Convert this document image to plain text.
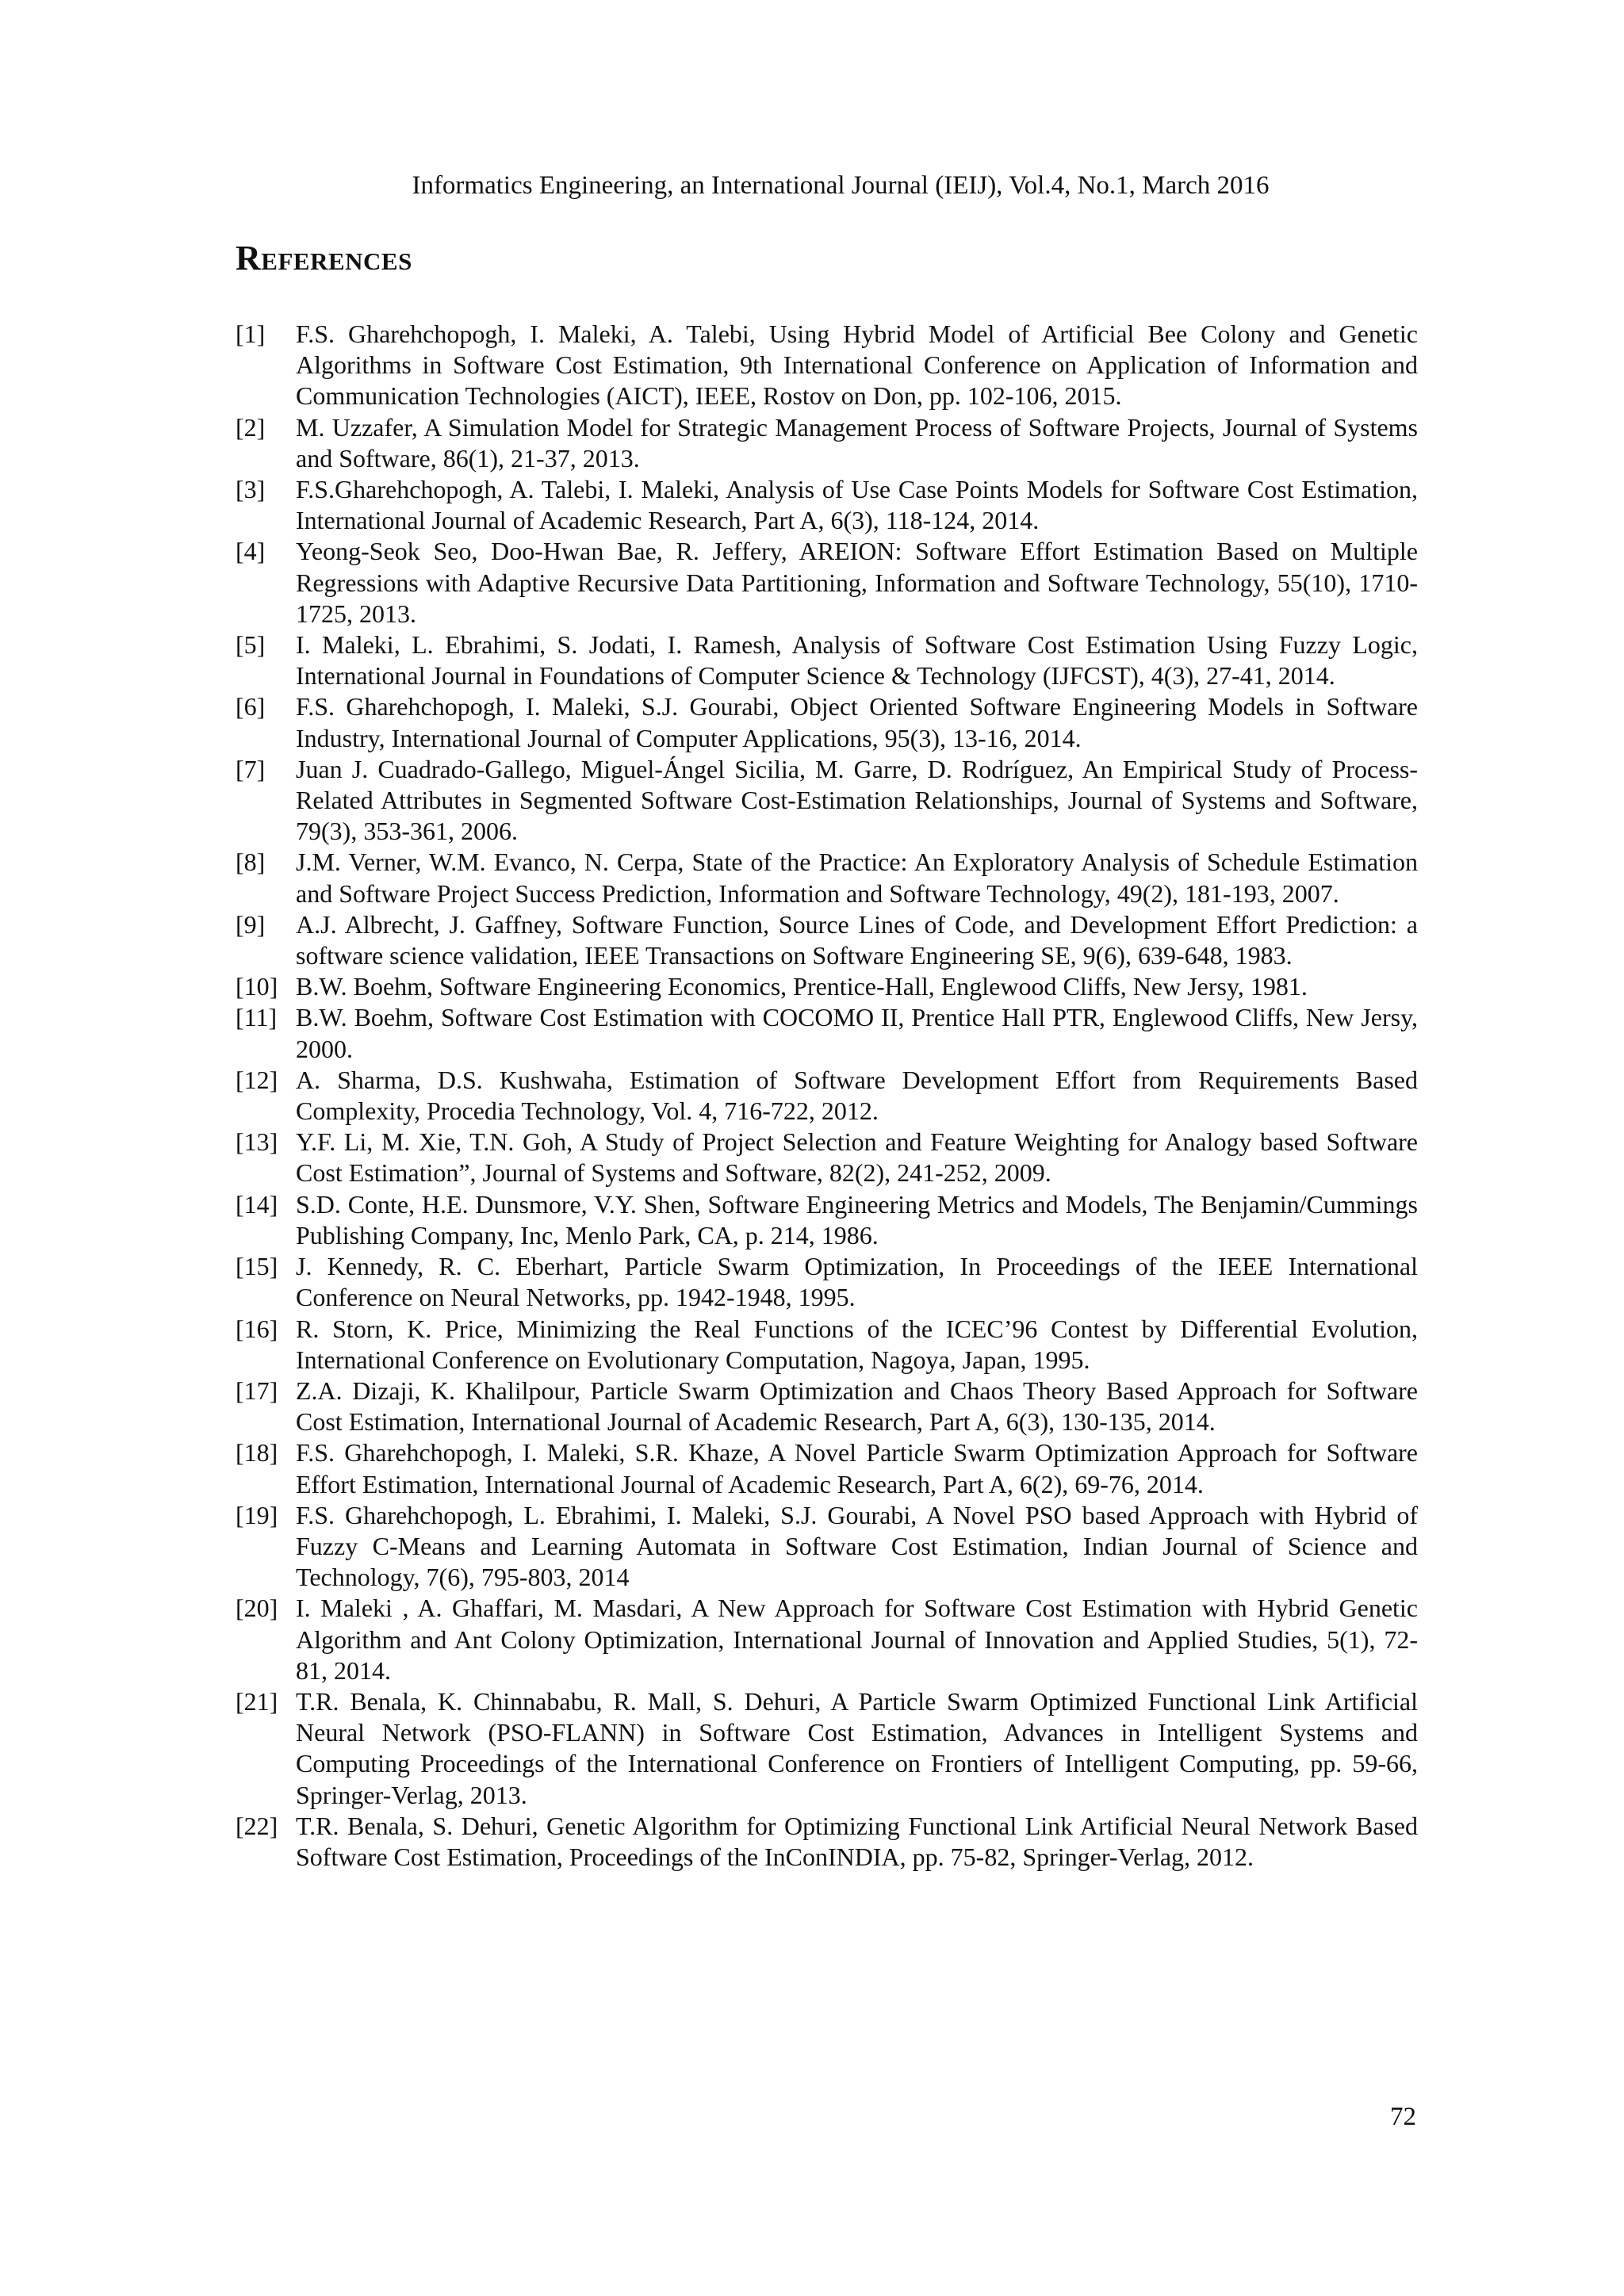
Informatics Engineering, an International Journal (IEIJ), Vol.4, No.1, March 2016
References
[1]	F.S. Gharehchopogh, I. Maleki, A. Talebi, Using Hybrid Model of Artificial Bee Colony and Genetic Algorithms in Software Cost Estimation, 9th International Conference on Application of Information and Communication Technologies (AICT), IEEE, Rostov on Don, pp. 102-106, 2015.
[2]	M. Uzzafer, A Simulation Model for Strategic Management Process of Software Projects, Journal of Systems and Software, 86(1), 21-37, 2013.
[3]	F.S.Gharehchopogh, A. Talebi, I. Maleki, Analysis of Use Case Points Models for Software Cost Estimation, International Journal of Academic Research, Part A, 6(3), 118-124, 2014.
[4]	Yeong-Seok Seo, Doo-Hwan Bae, R. Jeffery, AREION: Software Effort Estimation Based on Multiple Regressions with Adaptive Recursive Data Partitioning, Information and Software Technology, 55(10), 1710-1725, 2013.
[5]	I. Maleki, L. Ebrahimi, S. Jodati, I. Ramesh, Analysis of Software Cost Estimation Using Fuzzy Logic, International Journal in Foundations of Computer Science & Technology (IJFCST), 4(3), 27-41, 2014.
[6]	F.S. Gharehchopogh, I. Maleki, S.J. Gourabi, Object Oriented Software Engineering Models in Software Industry, International Journal of Computer Applications, 95(3), 13-16, 2014.
[7]	Juan J. Cuadrado-Gallego, Miguel-Ángel Sicilia, M. Garre, D. Rodríguez, An Empirical Study of Process-Related Attributes in Segmented Software Cost-Estimation Relationships, Journal of Systems and Software, 79(3), 353-361, 2006.
[8]	J.M. Verner, W.M. Evanco, N. Cerpa, State of the Practice: An Exploratory Analysis of Schedule Estimation and Software Project Success Prediction, Information and Software Technology, 49(2), 181-193, 2007.
[9]	A.J. Albrecht, J. Gaffney, Software Function, Source Lines of Code, and Development Effort Prediction: a software science validation, IEEE Transactions on Software Engineering SE, 9(6), 639-648, 1983.
[10] B.W. Boehm, Software Engineering Economics, Prentice-Hall, Englewood Cliffs, New Jersy, 1981.
[11] B.W. Boehm, Software Cost Estimation with COCOMO II, Prentice Hall PTR, Englewood Cliffs, New Jersy, 2000.
[12] A. Sharma, D.S. Kushwaha, Estimation of Software Development Effort from Requirements Based Complexity, Procedia Technology, Vol. 4, 716-722, 2012.
[13] Y.F. Li, M. Xie, T.N. Goh, A Study of Project Selection and Feature Weighting for Analogy based Software Cost Estimation”, Journal of Systems and Software, 82(2), 241-252, 2009.
[14] S.D. Conte, H.E. Dunsmore, V.Y. Shen, Software Engineering Metrics and Models, The Benjamin/Cummings Publishing Company, Inc, Menlo Park, CA, p. 214, 1986.
[15] J. Kennedy, R. C. Eberhart, Particle Swarm Optimization, In Proceedings of the IEEE International Conference on Neural Networks, pp. 1942-1948, 1995.
[16] R. Storn, K. Price, Minimizing the Real Functions of the ICEC’96 Contest by Differential Evolution, International Conference on Evolutionary Computation, Nagoya, Japan, 1995.
[17] Z.A. Dizaji, K. Khalilpour, Particle Swarm Optimization and Chaos Theory Based Approach for Software Cost Estimation, International Journal of Academic Research, Part A, 6(3), 130-135, 2014.
[18] F.S. Gharehchopogh, I. Maleki, S.R. Khaze, A Novel Particle Swarm Optimization Approach for Software Effort Estimation, International Journal of Academic Research, Part A, 6(2), 69-76, 2014.
[19] F.S. Gharehchopogh, L. Ebrahimi, I. Maleki, S.J. Gourabi, A Novel PSO based Approach with Hybrid of Fuzzy C-Means and Learning Automata in Software Cost Estimation, Indian Journal of Science and Technology, 7(6), 795-803, 2014
[20] I. Maleki , A. Ghaffari, M. Masdari, A New Approach for Software Cost Estimation with Hybrid Genetic Algorithm and Ant Colony Optimization, International Journal of Innovation and Applied Studies, 5(1), 72-81, 2014.
[21] T.R. Benala, K. Chinnababu, R. Mall, S. Dehuri, A Particle Swarm Optimized Functional Link Artificial Neural Network (PSO-FLANN) in Software Cost Estimation, Advances in Intelligent Systems and Computing Proceedings of the International Conference on Frontiers of Intelligent Computing, pp. 59-66, Springer-Verlag, 2013.
[22] T.R. Benala, S. Dehuri, Genetic Algorithm for Optimizing Functional Link Artificial Neural Network Based Software Cost Estimation, Proceedings of the InConINDIA, pp. 75-82, Springer-Verlag, 2012.
72
